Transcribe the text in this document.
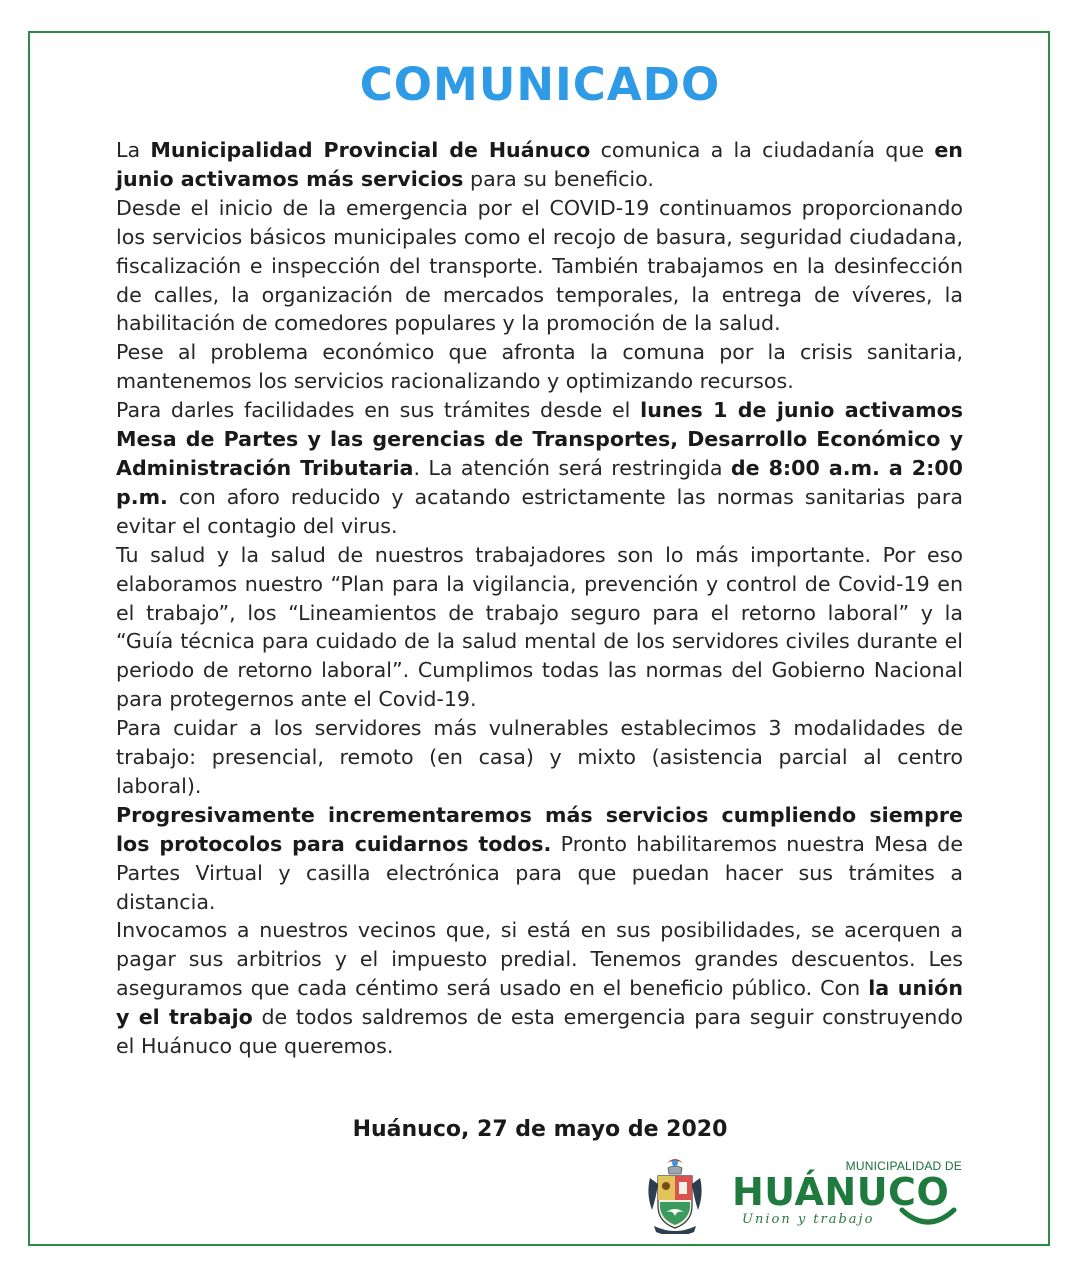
COMUNICADO

La Municipalidad Provincial de Huánuco comunica a la ciudadanía que en junio activamos más servicios para su beneficio.

Desde el inicio de la emergencia por el COVID-19 continuamos proporcionando los servicios básicos municipales como el recojo de basura, seguridad ciudadana, fiscalización e inspección del transporte. También trabajamos en la desinfección de calles, la organización de mercados temporales, la entrega de víveres, la habilitación de comedores populares y la promoción de la salud.

Pese al problema económico que afronta la comuna por la crisis sanitaria, mantenemos los servicios racionalizando y optimizando recursos.

Para darles facilidades en sus trámites desde el lunes 1 de junio activamos Mesa de Partes y las gerencias de Transportes, Desarrollo Económico y Administración Tributaria. La atención será restringida de 8:00 a.m. a 2:00 p.m. con aforo reducido y acatando estrictamente las normas sanitarias para evitar el contagio del virus.

Tu salud y la salud de nuestros trabajadores son lo más importante. Por eso elaboramos nuestro “Plan para la vigilancia, prevención y control de Covid-19 en el trabajo”, los “Lineamientos de trabajo seguro para el retorno laboral” y la “Guía técnica para cuidado de la salud mental de los servidores civiles durante el periodo de retorno laboral”. Cumplimos todas las normas del Gobierno Nacional para protegernos ante el Covid-19.

Para cuidar a los servidores más vulnerables establecimos 3 modalidades de trabajo: presencial, remoto (en casa) y mixto (asistencia parcial al centro laboral).

Progresivamente incrementaremos más servicios cumpliendo siempre los protocolos para cuidarnos todos. Pronto habilitaremos nuestra Mesa de Partes Virtual y casilla electrónica para que puedan hacer sus trámites a distancia.

Invocamos a nuestros vecinos que, si está en sus posibilidades, se acerquen a pagar sus arbitrios y el impuesto predial. Tenemos grandes descuentos. Les aseguramos que cada céntimo será usado en el beneficio público. Con la unión y el trabajo de todos saldremos de esta emergencia para seguir construyendo el Huánuco que queremos.

Huánuco, 27 de mayo de 2020
MUNICIPALIDAD DE
HUÁNUCO
Union y trabajo
